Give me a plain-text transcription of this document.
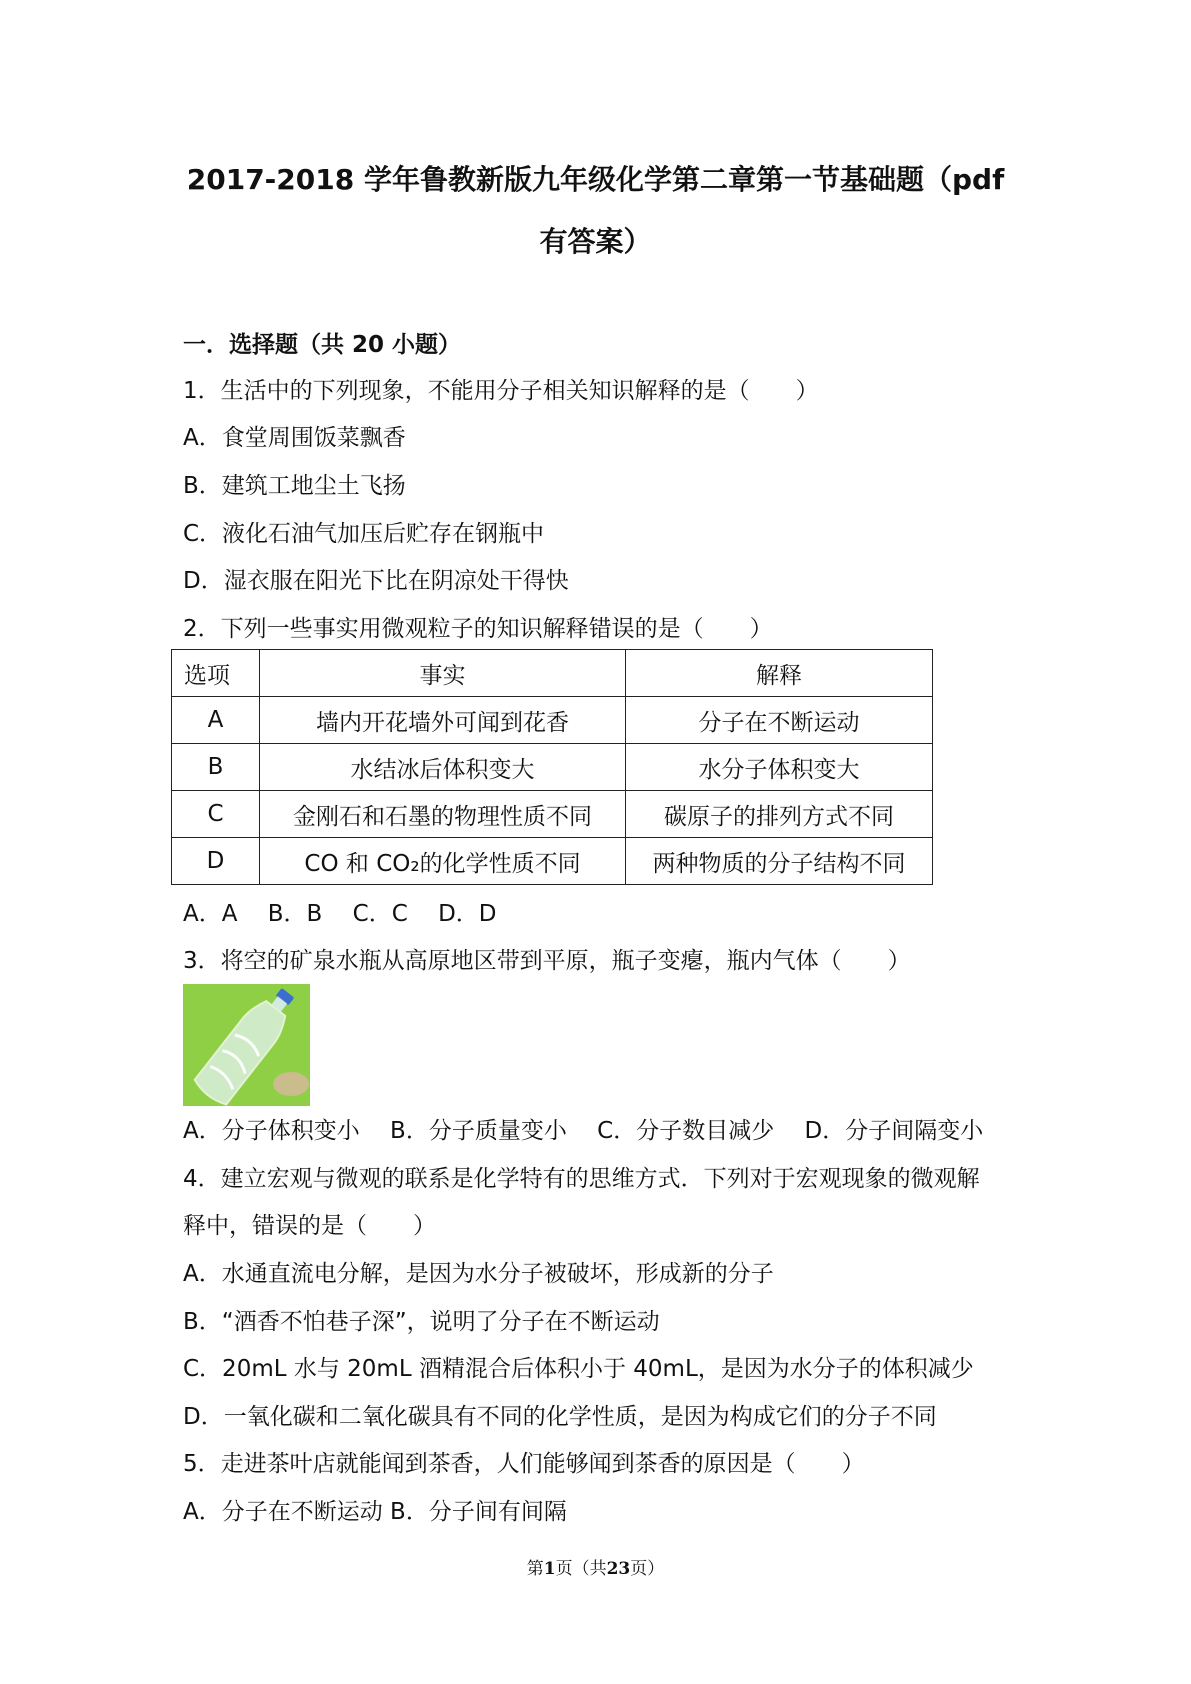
2017-2018 学年鲁教新版九年级化学第二章第一节基础题（pdf
有答案）
一．选择题（共 20 小题）
1．生活中的下列现象，不能用分子相关知识解释的是（　　）
A．食堂周围饭菜飘香
B．建筑工地尘土飞扬
C．液化石油气加压后贮存在钢瓶中
D．湿衣服在阳光下比在阴凉处干得快
2．下列一些事实用微观粒子的知识解释错误的是（　　）
选项	事实	解释
A	墙内开花墙外可闻到花香	分子在不断运动
B	水结冰后体积变大	水分子体积变大
C	金刚石和石墨的物理性质不同	碳原子的排列方式不同
D	CO 和 CO₂的化学性质不同	两种物质的分子结构不同
A．A　 B．B　 C．C　 D．D
3．将空的矿泉水瓶从高原地区带到平原，瓶子变瘪，瓶内气体（　　）
A．分子体积变小　 B．分子质量变小　 C．分子数目减少　 D．分子间隔变小
4．建立宏观与微观的联系是化学特有的思维方式．下列对于宏观现象的微观解
释中，错误的是（　　）
A．水通直流电分解，是因为水分子被破坏，形成新的分子
B．“酒香不怕巷子深”，说明了分子在不断运动
C．20mL 水与 20mL 酒精混合后体积小于 40mL，是因为水分子的体积减少
D．一氧化碳和二氧化碳具有不同的化学性质，是因为构成它们的分子不同
5．走进茶叶店就能闻到茶香，人们能够闻到茶香的原因是（　　）
A．分子在不断运动 B．分子间有间隔
第1页（共23页）
